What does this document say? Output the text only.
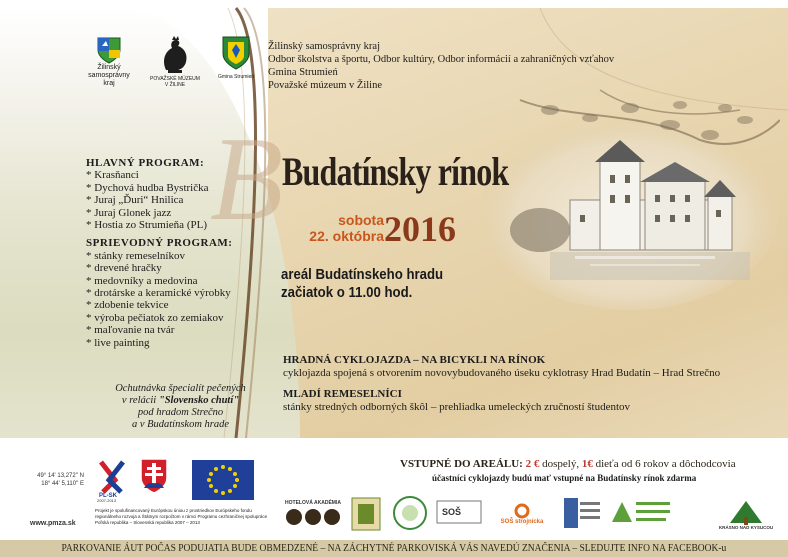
Žilinský samosprávny kraj
POVAŽSKÉ MÚZEUM V ŽILINE
Gmina Strumień
Žilinský samosprávny kraj
Odbor školstva a športu, Odbor kultúry, Odbor informácií a zahraničných vzťahov
Gmina Strumień
Považské múzeum v Žiline
HLAVNÝ PROGRAM:
* Krasňanci
* Dychová hudba Bystrička
* Juraj „Ďuri“ Hnilica
* Juraj Glonek jazz
* Hostia zo Strumieňa (PL)
SPRIEVODNÝ PROGRAM:
* stánky remeselníkov
* drevené hračky
* medovníky a medovina
* drotárske a keramické výrobky
* zdobenie tekvice
* výroba pečiatok zo zemiakov
* maľovanie na tvár
* live painting
Ochutnávka špecialít pečených
v relácii "Slovensko chutí"
pod hradom Strečno
a v Budatínskom hrade
B
Budatínsky rínok
sobota
22. októbra 2016
areál Budatínskeho hradu
začiatok o 11.00 hod.
HRADNÁ CYKLOJAZDA – NA BICYKLI NA RÍNOK
cyklojazda spojená s otvorením novovybudovaného úseku cyklotrasy Hrad Budatín – Hrad Strečno
MLADÍ REMESELNÍCI
stánky stredných odborných škôl – prehliadka umeleckých zručností študentov
49° 14' 13,272'' N
18° 44' 5,110'' E
www.pmza.sk
PL-SK
2007-2013
Projekt je spolufinancovaný Európskou úniou z prostriedkov Európskeho fondu regionálneho rozvoja a Štátnym rozpočtom v rámci Programu cezhraničnej spolupráce Poľská republika – Slovenská republika 2007 – 2013
VSTUPNÉ DO AREÁLU: 2 € dospelý, 1€ dieťa od 6 rokov a dôchodcovia
účastníci cyklojazdy budú mať vstupné na Budatínsky rínok zdarma
HOTELOVÁ AKADÉMIA
SOŠ
SOŠ strojnícka
KRÁSNO NAD KYSUCOU
PARKOVANIE ÁUT POČAS PODUJATIA BUDE OBMEDZENÉ – NA ZÁCHYTNÉ PARKOVISKÁ VÁS NAVEDÚ ZNAČENIA – SLEDUJTE INFO NA FACEBOOK-u
